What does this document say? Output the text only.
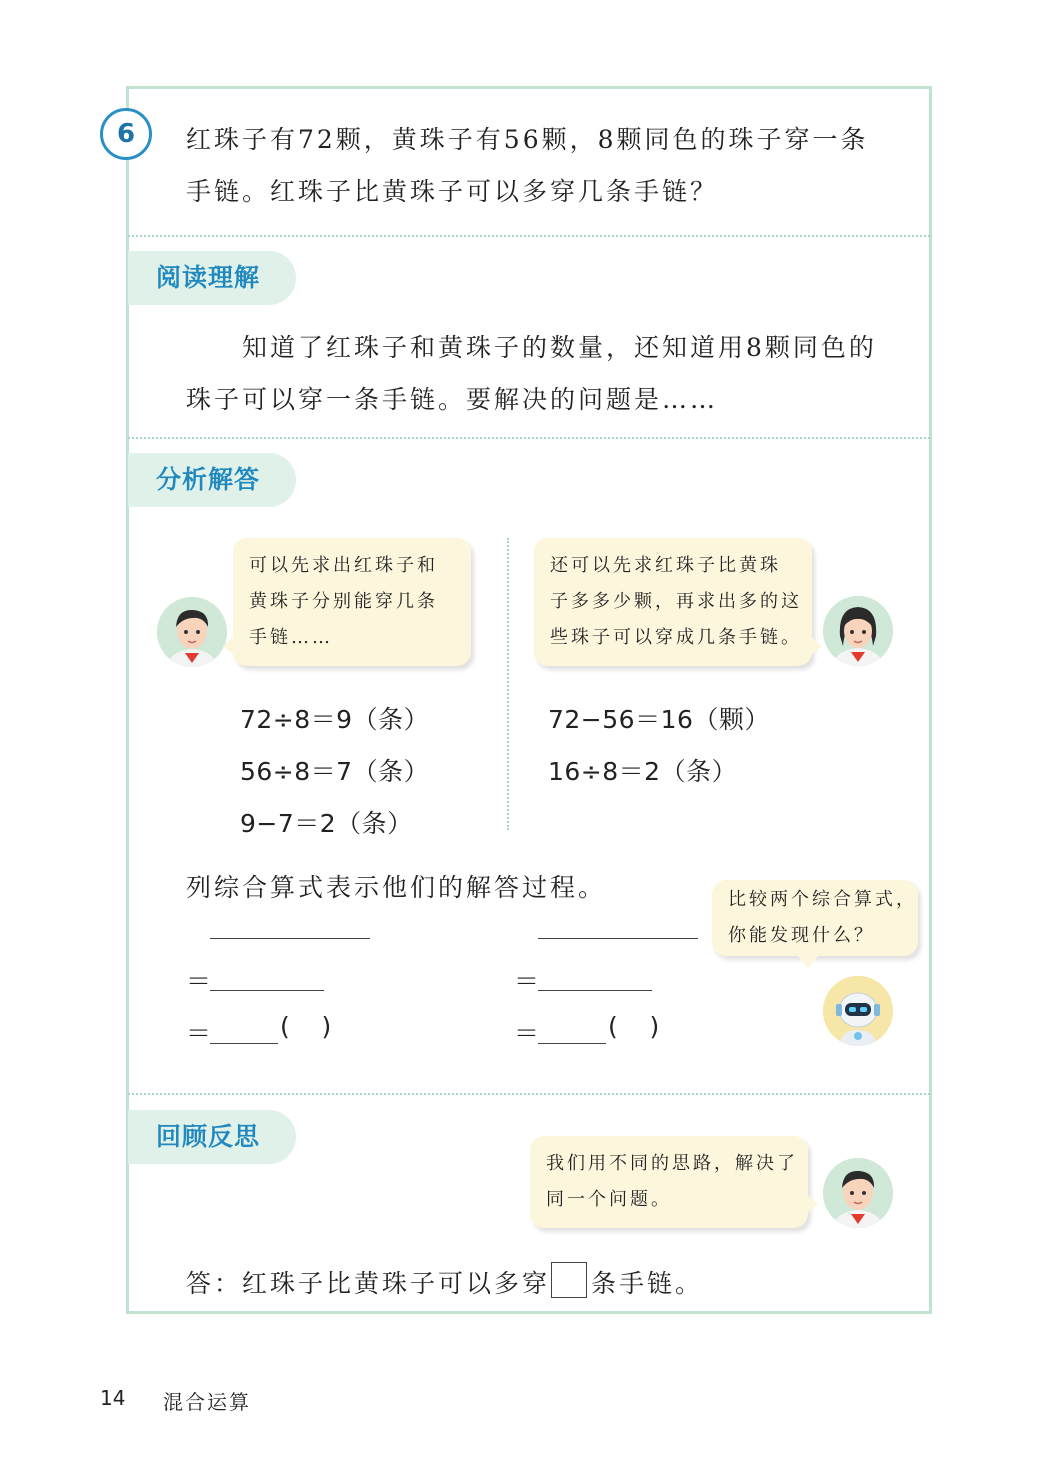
6	红珠子有72颗，黄珠子有56颗，8颗同色的珠子穿一条
手链。红珠子比黄珠子可以多穿几条手链？
阅读理解
知道了红珠子和黄珠子的数量，还知道用8颗同色的
珠子可以穿一条手链。要解决的问题是……
分析解答
可以先求出红珠子和
黄珠子分别能穿几条
手链……
还可以先求红珠子比黄珠
子多多少颗，再求出多的这
些珠子可以穿成几条手链。
72÷8＝9（条）
56÷8＝7（条）
9−7＝2（条）
72−56＝16（颗）
16÷8＝2（条）
列综合算式表示他们的解答过程。	比较两个综合算式，
你能发现什么？
＝
＝	(    )
＝
＝	(    )
回顾反思
我们用不同的思路，解决了
同一个问题。
答：红珠子比黄珠子可以多穿 条手链。
14 混合运算
